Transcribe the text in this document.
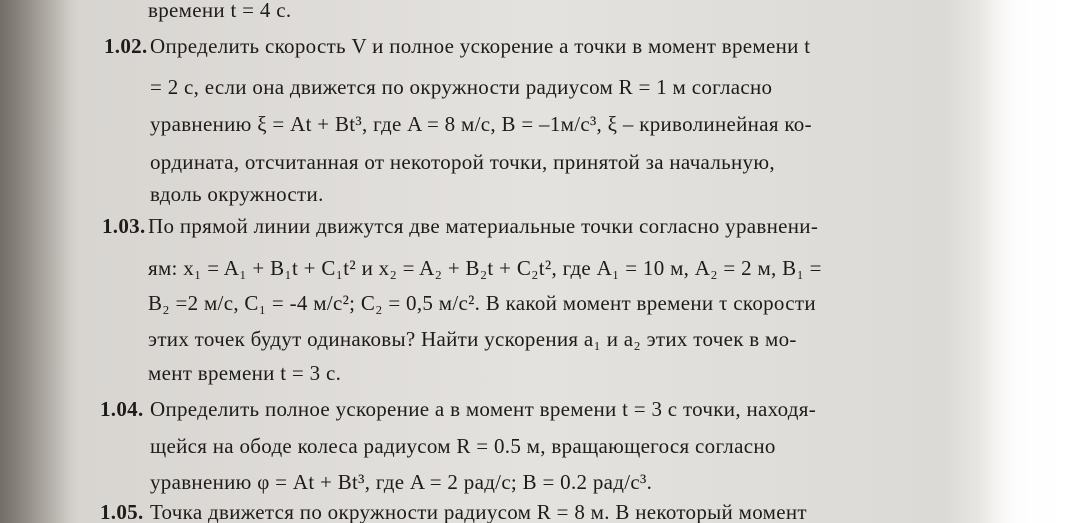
времени t = 4 с.
1.02. Определить скорость V и полное ускорение a точки в момент времени t
= 2 с, если она движется по окружности радиусом R = 1 м согласно
уравнению ξ = At + Bt³, где A = 8 м/с, B = –1м/с³, ξ – криволинейная ко-
ордината, отсчитанная от некоторой точки, принятой за начальную,
вдоль окружности.
1.03. По прямой линии движутся две материальные точки согласно уравнени-
ям: x₁ = A₁ + B₁t + C₁t² и x₂ = A₂ + B₂t + C₂t², где A₁ = 10 м, A₂ = 2 м, B₁ =
B₂ =2 м/с, C₁ = -4 м/с²; C₂ = 0,5 м/с². В какой момент времени τ скорости
этих точек будут одинаковы? Найти ускорения a₁ и a₂ этих точек в мо-
мент времени t = 3 с.
1.04. Определить полное ускорение a в момент времени t = 3 с точки, находя-
щейся на ободе колеса радиусом R = 0.5 м, вращающегося согласно
уравнению φ = At + Bt³, где A = 2 рад/с; B = 0.2 рад/с³.
1.05. Точка движется по окружности радиусом R = 8 м. В некоторый момент
